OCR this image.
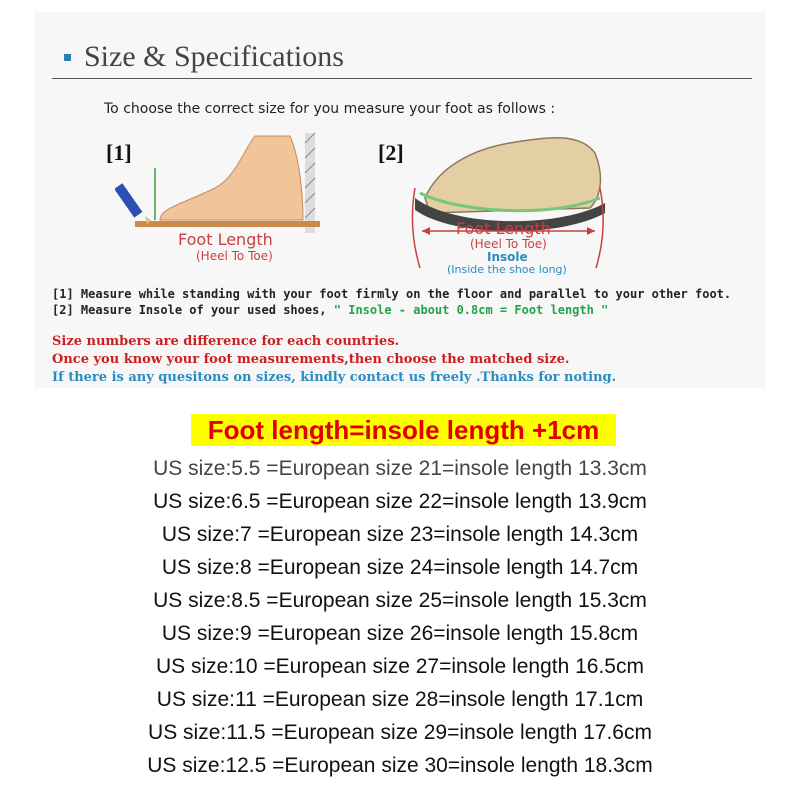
Size & Specifications
To choose the correct size for you measure your foot as follows :
[1]
Foot Length
(Heel To Toe)
[2]
Foot Length
(Heel To Toe)
Insole
(Inside the shoe long)
[1] Measure while standing with your foot firmly on the floor and parallel to your other foot.
[2] Measure Insole of your used shoes, " Insole - about 0.8cm = Foot length "
Size numbers are difference for each countries.
Once you know your foot measurements,then choose the matched size.
If there is any quesitons on sizes, kindly contact us freely .Thanks for noting.
Foot length=insole length +1cm
US size:5.5 =European size 21=insole length 13.3cm
US size:6.5 =European size 22=insole length 13.9cm
US size:7 =European size 23=insole length 14.3cm
US size:8 =European size 24=insole length 14.7cm
US size:8.5 =European size 25=insole length 15.3cm
US size:9 =European size 26=insole length 15.8cm
US size:10 =European size 27=insole length 16.5cm
US size:11 =European size 28=insole length 17.1cm
US size:11.5 =European size 29=insole length 17.6cm
US size:12.5 =European size 30=insole length 18.3cm
